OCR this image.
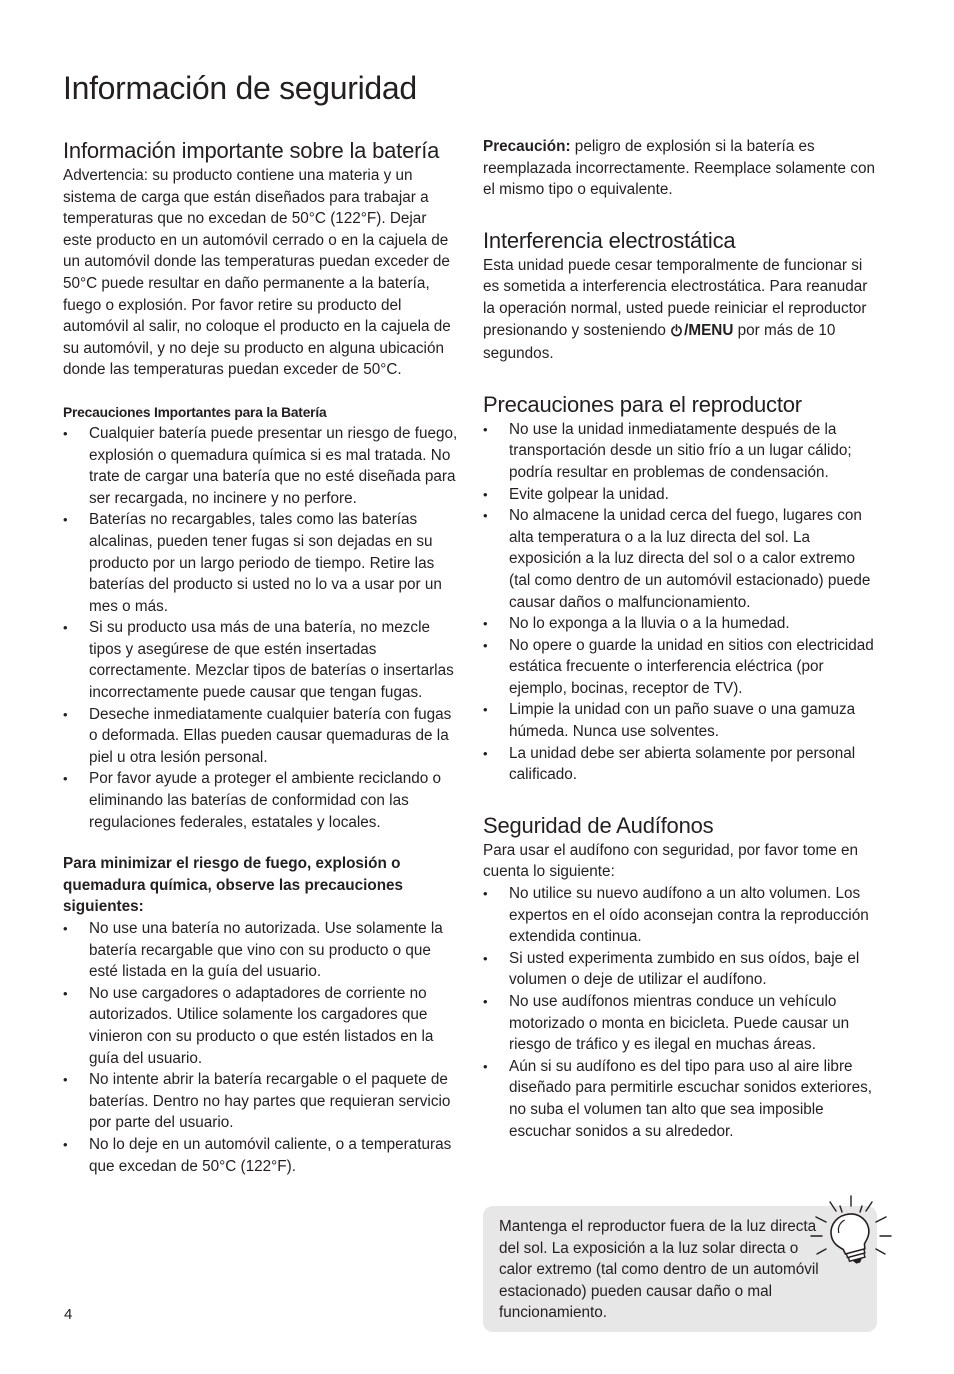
Información de seguridad
Información importante sobre la batería

Advertencia: su producto contiene una materia y un sistema de carga que están diseñados para trabajar a temperaturas que no excedan de 50°C (122°F). Dejar este producto en un automóvil cerrado o en la cajuela de un automóvil donde las temperaturas puedan exceder de 50°C puede resultar en daño permanente a la batería, fuego o explosión. Por favor retire su producto del automóvil al salir, no coloque el producto en la cajuela de su automóvil, y no deje su producto en alguna ubicación donde las temperaturas puedan exceder de 50°C.

Precauciones Importantes para la Batería
• Cualquier batería puede presentar un riesgo de fuego, explosión o quemadura química si es mal tratada. No trate de cargar una batería que no esté diseñada para ser recargada, no incinere y no perfore.
• Baterías no recargables, tales como las baterías alcalinas, pueden tener fugas si son dejadas en su producto por un largo periodo de tiempo. Retire las baterías del producto si usted no lo va a usar por un mes o más.
• Si su producto usa más de una batería, no mezcle tipos y asegúrese de que estén insertadas correctamente. Mezclar tipos de baterías o insertarlas incorrectamente puede causar que tengan fugas.
• Deseche inmediatamente cualquier batería con fugas o deformada. Ellas pueden causar quemaduras de la piel u otra lesión personal.
• Por favor ayude a proteger el ambiente reciclando o eliminando las baterías de conformidad con las regulaciones federales, estatales y locales.

Para minimizar el riesgo de fuego, explosión o quemadura química, observe las precauciones siguientes:

• No use una batería no autorizada. Use solamente la batería recargable que vino con su producto o que esté listada en la guía del usuario.
• No use cargadores o adaptadores de corriente no autorizados. Utilice solamente los cargadores que vinieron con su producto o que estén listados en la guía del usuario.
• No intente abrir la batería recargable o el paquete de baterías. Dentro no hay partes que requieran servicio por parte del usuario.
• No lo deje en un automóvil caliente, o a temperaturas que excedan de 50°C (122°F).

Precaución: peligro de explosión si la batería es reemplazada incorrectamente. Reemplace solamente con el mismo tipo o equivalente.

Interferencia electrostática

Esta unidad puede cesar temporalmente de funcionar si es sometida a interferencia electrostática. Para reanudar la operación normal, usted puede reiniciar el reproductor presionando y sosteniendo /MENU por más de 10 segundos.

Precauciones para el reproductor
• No use la unidad inmediatamente después de la transportación desde un sitio frío a un lugar cálido; podría resultar en problemas de condensación.
• Evite golpear la unidad.
• No almacene la unidad cerca del fuego, lugares con alta temperatura o a la luz directa del sol. La exposición a la luz directa del sol o a calor extremo (tal como dentro de un automóvil estacionado) puede causar daños o malfuncionamiento.
• No lo exponga a la lluvia o a la humedad.
• No opere o guarde la unidad en sitios con electricidad estática frecuente o interferencia eléctrica (por ejemplo, bocinas, receptor de TV).
• Limpie la unidad con un paño suave o una gamuza húmeda. Nunca use solventes.
• La unidad debe ser abierta solamente por personal calificado.
Seguridad de Audífonos

Para usar el audífono con seguridad, por favor tome en cuenta lo siguiente:

• No utilice su nuevo audífono a un alto volumen. Los expertos en el oído aconsejan contra la reproducción extendida continua.
• Si usted experimenta zumbido en sus oídos, baje el volumen o deje de utilizar el audífono.
• No use audífonos mientras conduce un vehículo motorizado o monta en bicicleta. Puede causar un riesgo de tráfico y es ilegal en muchas áreas.
• Aún si su audífono es del tipo para uso al aire libre diseñado para permitirle escuchar sonidos exteriores, no suba el volumen tan alto que sea imposible escuchar sonidos a su alrededor.

Mantenga el reproductor fuera de la luz directa del sol. La exposición a la luz solar directa o calor extremo (tal como dentro de un automóvil estacionado) pueden causar daño o mal funcionamiento.

4
